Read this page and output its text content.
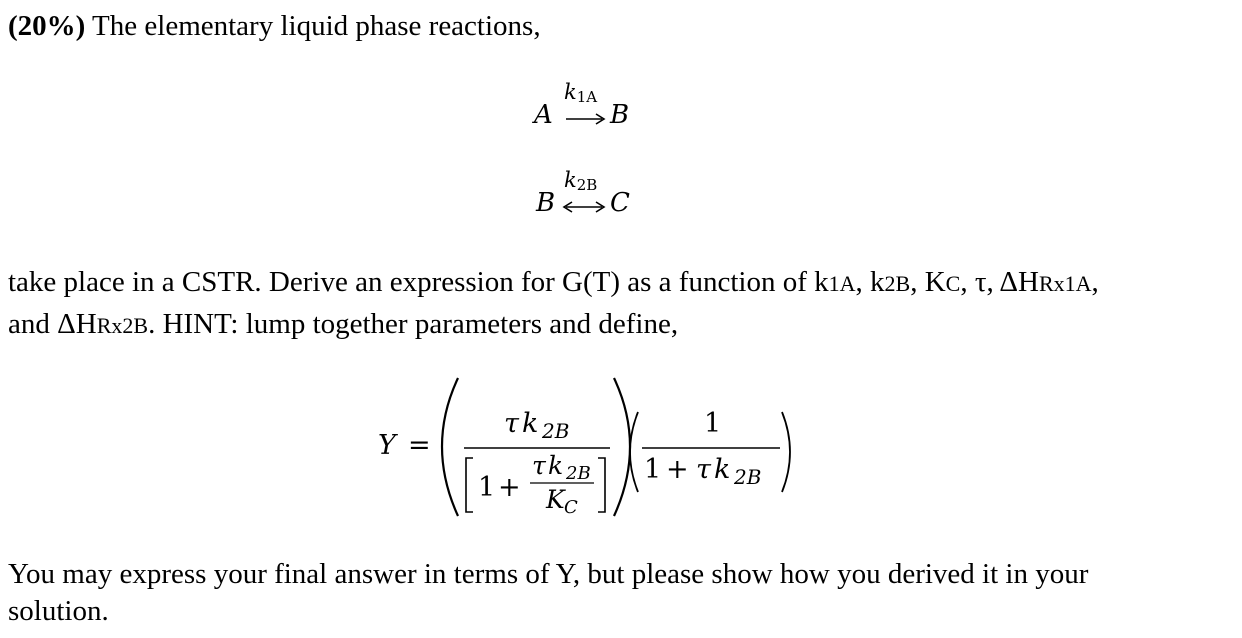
(20%) The elementary liquid phase reactions,
A
$k_{1A}$
B
B
$k_{2B}$
C
take place in a CSTR. Derive an expression for G(T) as a function of k1A, k2B, KC, τ, ΔHRx1A,
and ΔHRx2B. HINT: lump together parameters and define,
Y =
τ k 2B
1 +
τ k 2B
K C
1
1 + τ k 2B
You may express your final answer in terms of Y, but please show how you derived it in your
solution.
